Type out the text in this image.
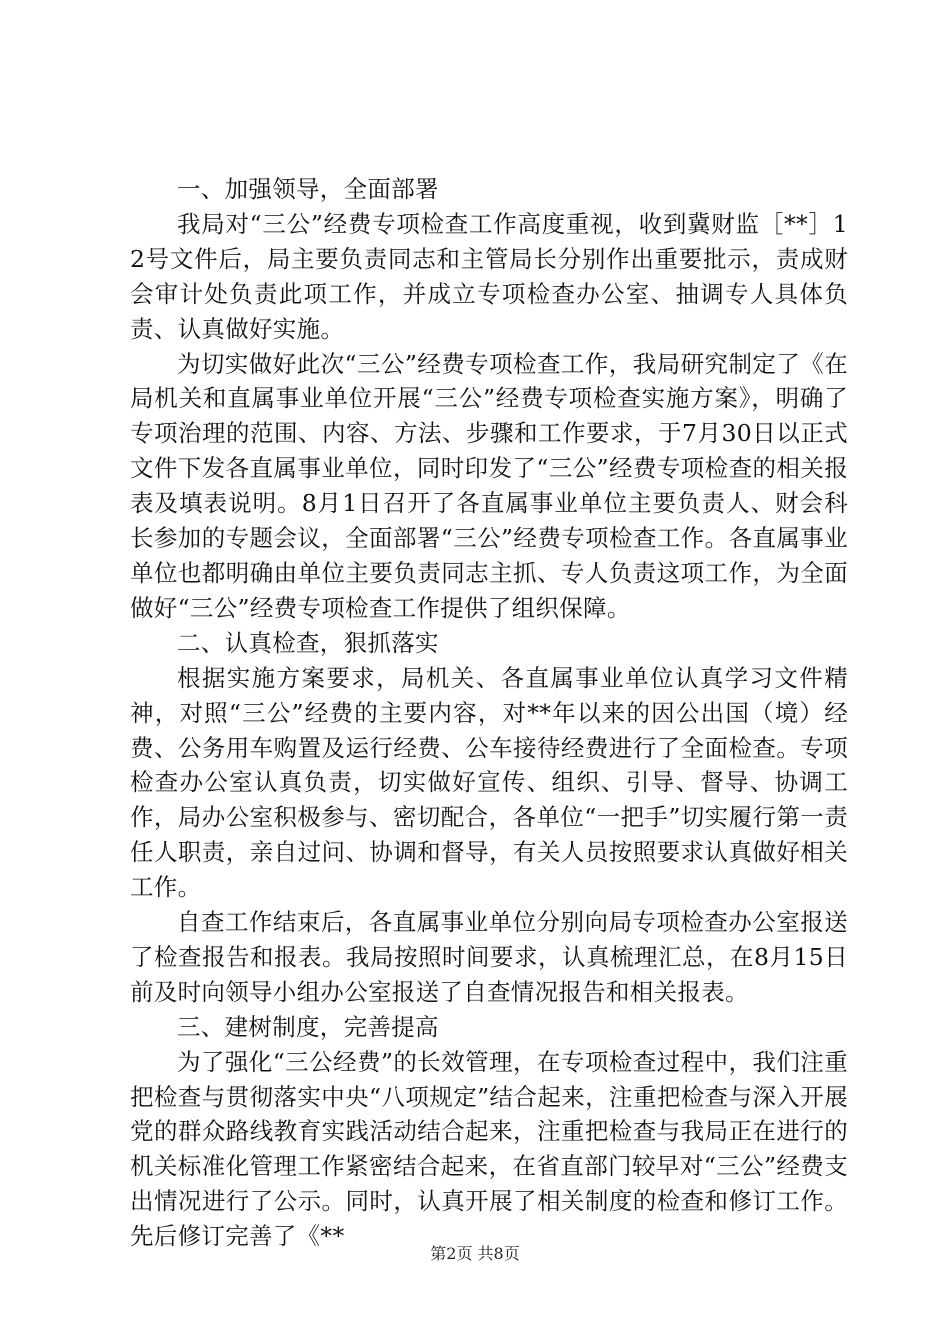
一、加强领导，全面部署

我局对“三公”经费专项检查工作高度重视，收到冀财监［**］12号文件后，局主要负责同志和主管局长分别作出重要批示，责成财会审计处负责此项工作，并成立专项检查办公室、抽调专人具体负责、认真做好实施。

为切实做好此次“三公”经费专项检查工作，我局研究制定了《在局机关和直属事业单位开展“三公”经费专项检查实施方案》，明确了专项治理的范围、内容、方法、步骤和工作要求，于7月30日以正式文件下发各直属事业单位，同时印发了“三公”经费专项检查的相关报表及填表说明。8月1日召开了各直属事业单位主要负责人、财会科长参加的专题会议，全面部署“三公”经费专项检查工作。各直属事业单位也都明确由单位主要负责同志主抓、专人负责这项工作，为全面做好“三公”经费专项检查工作提供了组织保障。

二、认真检查，狠抓落实

根据实施方案要求，局机关、各直属事业单位认真学习文件精神，对照“三公”经费的主要内容，对**年以来的因公出国（境）经费、公务用车购置及运行经费、公车接待经费进行了全面检查。专项检查办公室认真负责，切实做好宣传、组织、引导、督导、协调工作，局办公室积极参与、密切配合，各单位“一把手”切实履行第一责任人职责，亲自过问、协调和督导，有关人员按照要求认真做好相关工作。

自查工作结束后，各直属事业单位分别向局专项检查办公室报送了检查报告和报表。我局按照时间要求，认真梳理汇总，在8月15日前及时向领导小组办公室报送了自查情况报告和相关报表。

三、建树制度，完善提高

为了强化“三公经费”的长效管理，在专项检查过程中，我们注重把检查与贯彻落实中央“八项规定”结合起来，注重把检查与深入开展党的群众路线教育实践活动结合起来，注重把检查与我局正在进行的机关标准化管理工作紧密结合起来，在省直部门较早对“三公”经费支出情况进行了公示。同时，认真开展了相关制度的检查和修订工作。先后修订完善了《**

第2页 共8页
